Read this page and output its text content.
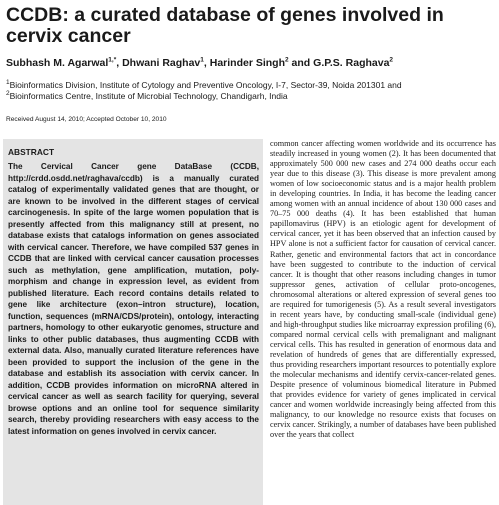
CCDB: a curated database of genes involved in cervix cancer
Subhash M. Agarwal$^{1,*}$, Dhwani Raghav$^1$, Harinder Singh$^2$ and G.P.S. Raghava$^2$
$^1$Bioinformatics Division, Institute of Cytology and Preventive Oncology, I-7, Sector-39, Noida 201301 and
$^2$Bioinformatics Centre, Institute of Microbial Technology, Chandigarh, India
Received August 14, 2010; Accepted October 10, 2010
ABSTRACT

The Cervical Cancer gene DataBase (CCDB, http://crdd.osdd.net/raghava/ccdb) is a manually curated catalog of experimentally validated genes that are thought, or are known to be involved in the different stages of cervical carcinogenesis. In spite of the large women population that is presently affected from this malignancy still at present, no database exists that catalogs information on genes associated with cervical cancer. Therefore, we have compiled 537 genes in CCDB that are linked with cervical cancer causation processes such as methylation, gene amplification, mutation, polymorphism and change in expression level, as evident from published literature. Each record contains details related to gene like architecture (exon–intron structure), location, function, sequences (mRNA/CDS/protein), ontology, interacting partners, homology to other eukaryotic genomes, structure and links to other public databases, thus augmenting CCDB with external data. Also, manually curated literature references have been provided to support the inclusion of the gene in the database and establish its association with cervix cancer. In addition, CCDB provides information on microRNA altered in cervical cancer as well as search facility for querying, several browse options and an online tool for sequence similarity search, thereby providing researchers with easy access to the latest information on genes involved in cervix cancer.

common cancer affecting women worldwide and its occurrence has steadily increased in young women (2). It has been documented that approximately 500 000 new cases and 274 000 deaths occur each year due to this disease (3). This disease is more prevalent among women of low socioeconomic status and is a major health problem in developing countries. In India, it has become the leading cancer among women with an annual incidence of about 130 000 cases and 70–75 000 deaths (4). It has been established that human papillomavirus (HPV) is an etiologic agent for development of cervical cancer, yet it has been observed that an infection caused by HPV alone is not a sufficient factor for causation of cervical cancer. Rather, genetic and environmental factors that act in concordance have been suggested to contribute to the induction of cervical cancer. It is thought that other reasons including changes in tumor suppressor genes, activation of cellular proto-oncogenes, chromosomal alterations or altered expression of several genes too are required for tumorigenesis (5). As a result several investigators in recent years have, by conducting small-scale (individual gene) and high-throughput studies like microarray expression profiling (6), compared normal cervical cells with premalignant and malignant cervical cells. This has resulted in generation of enormous data and revelation of hundreds of genes that are differentially expressed, thus providing researchers important resources to potentially explore the molecular mechanisms and identify cervix-cancer-related genes. Despite presence of voluminous biomedical literature in Pubmed that provides evidence for variety of genes implicated in cervical cancer and women worldwide increasingly being affected from this malignancy, to our knowledge no resource exists that focuses on cervix cancer. Strikingly, a number of databases have been published over the years that collect
